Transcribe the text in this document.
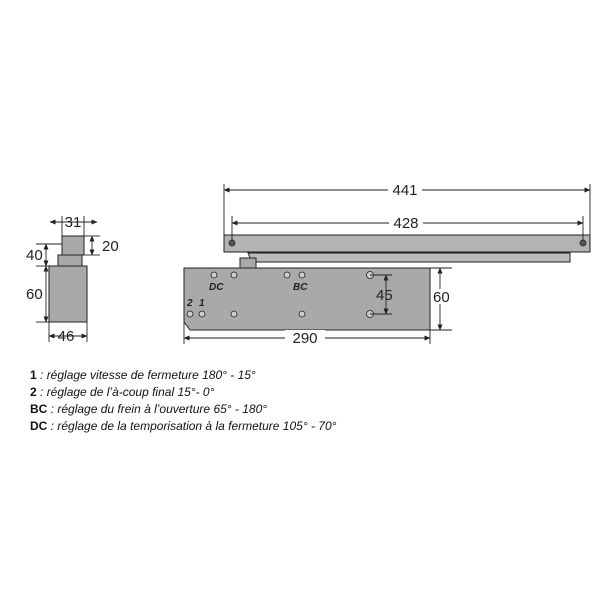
31
20
40
60
46
DC	BC
2 1
441
428
45	60
290
1 : réglage vitesse de fermeture 180° - 15°
2 : réglage de l’à-coup final 15°- 0°
BC : réglage du frein à l’ouverture 65° - 180°
DC : réglage de la temporisation à la fermeture 105° - 70°
